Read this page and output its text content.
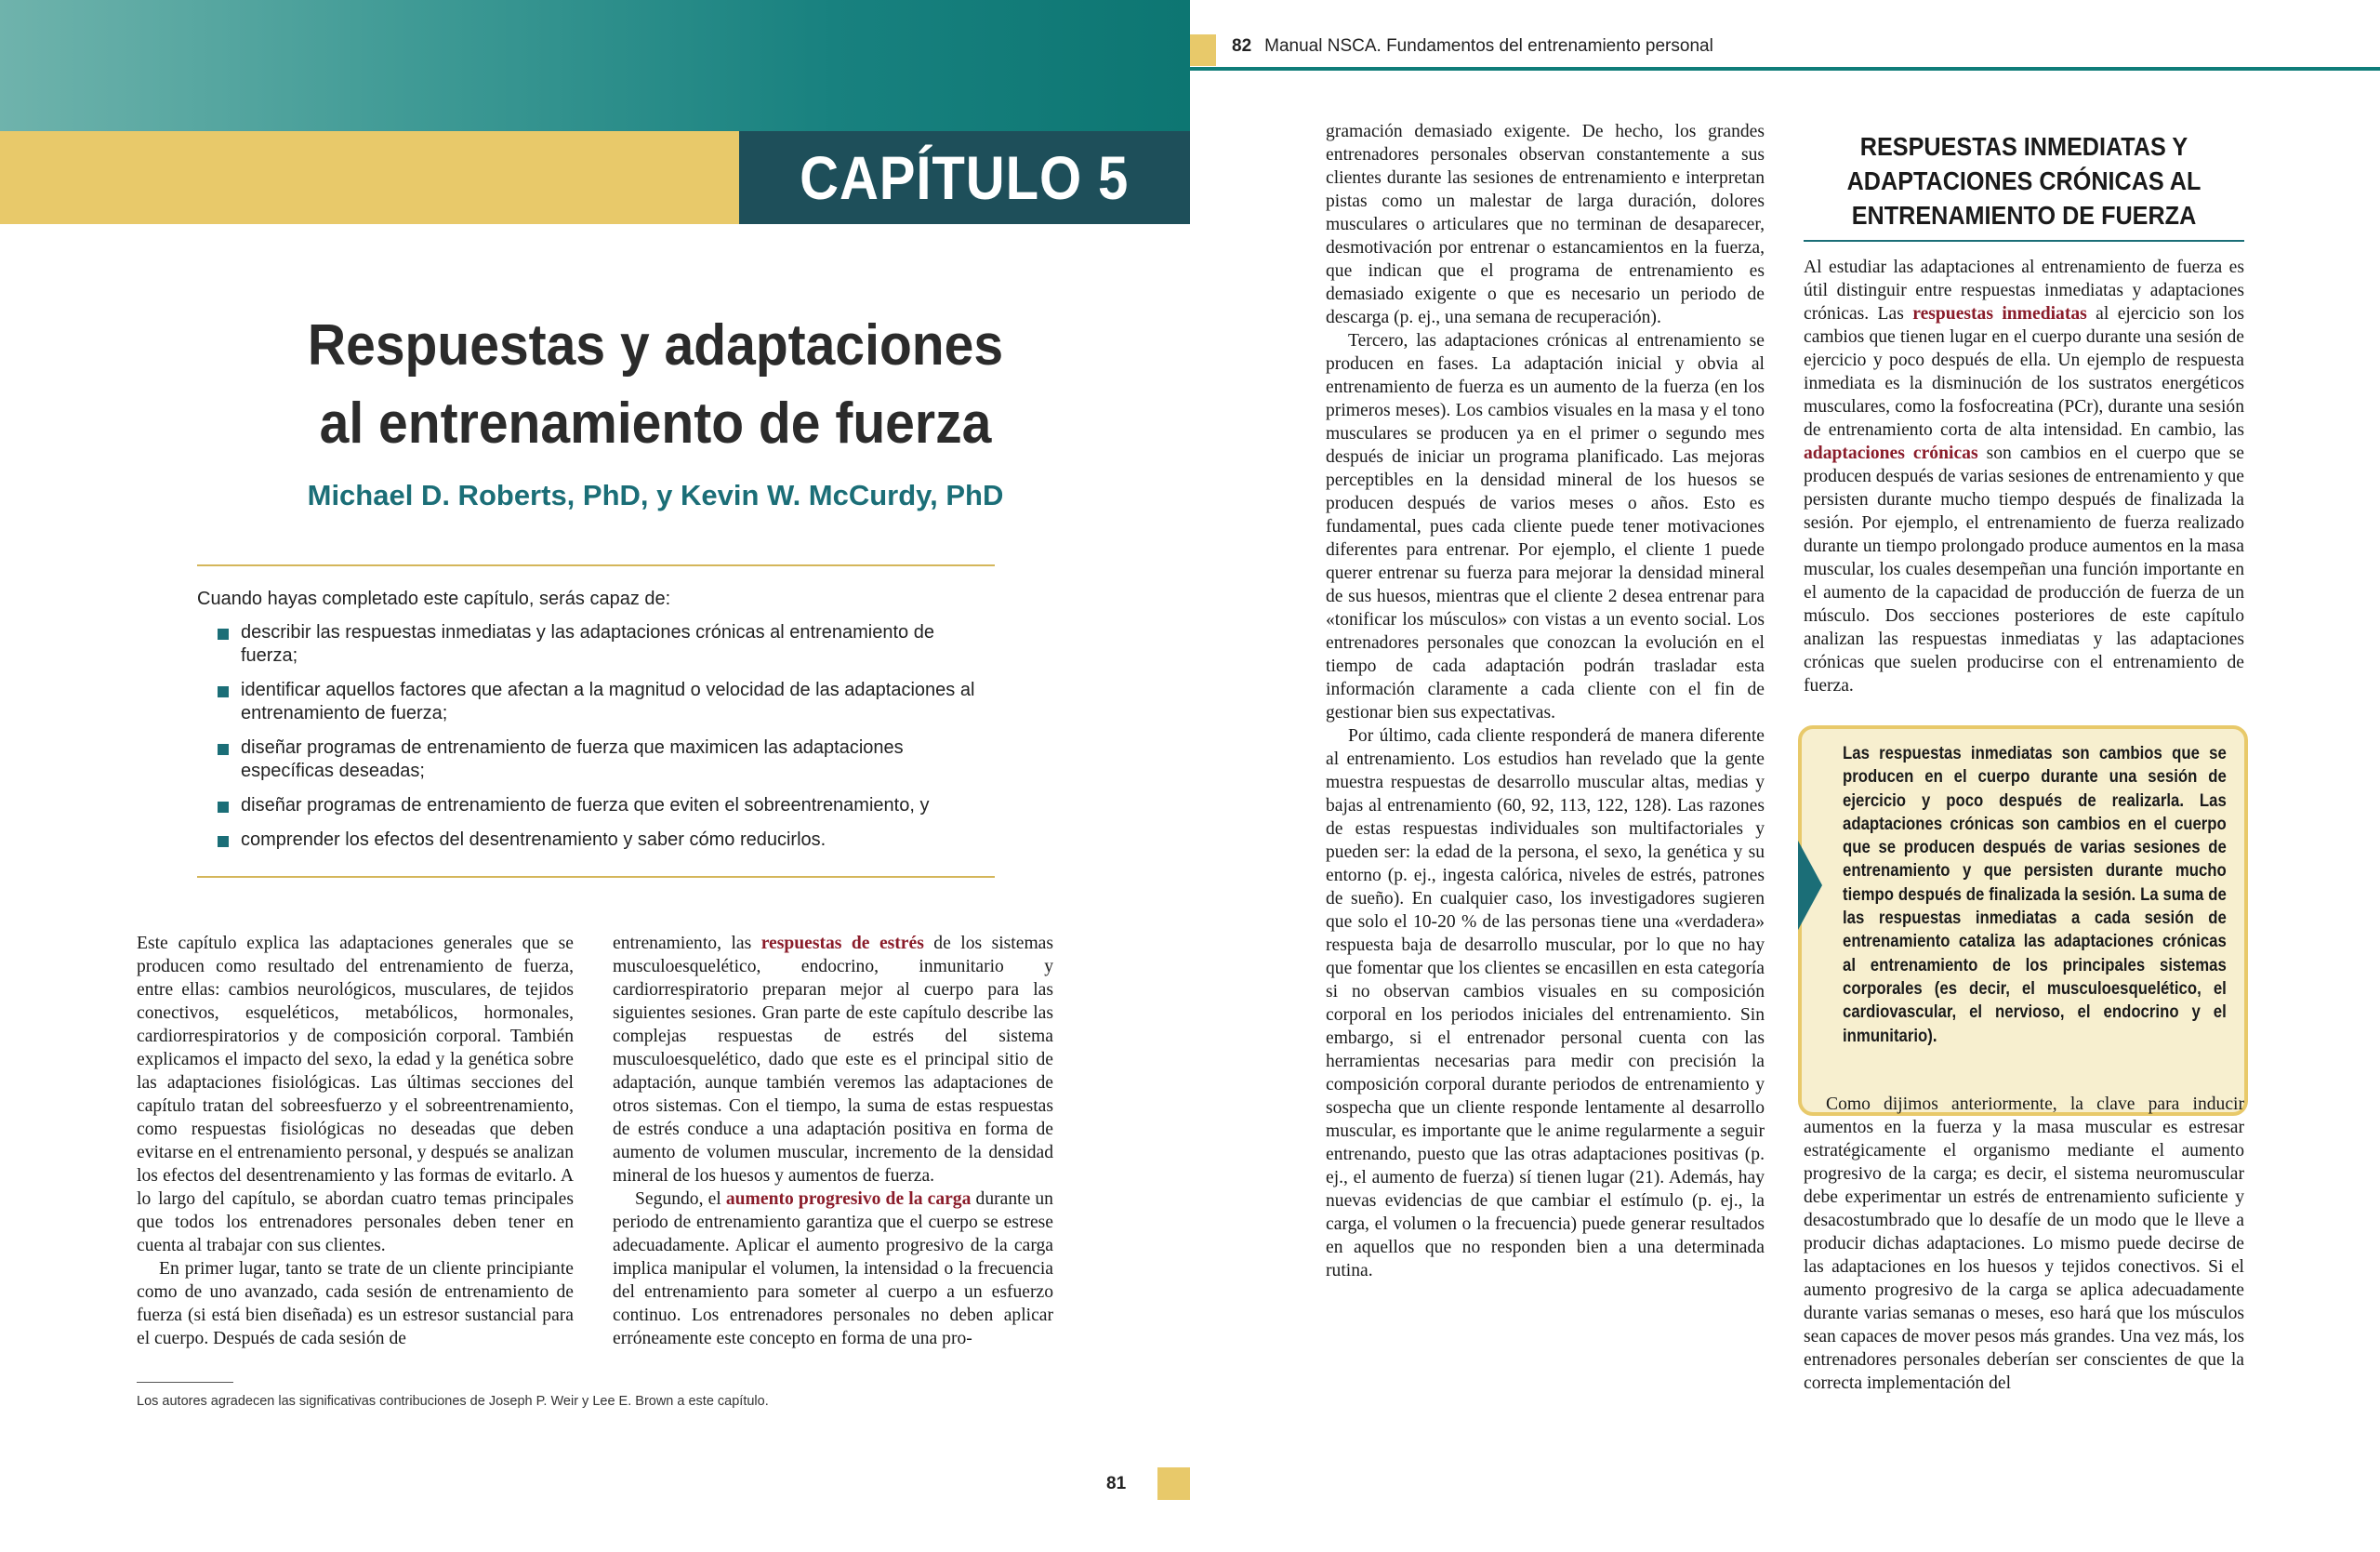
CAPÍTULO 5
Respuestas y adaptaciones
al entrenamiento de fuerza
Michael D. Roberts, PhD, y Kevin W. McCurdy, PhD
Cuando hayas completado este capítulo, serás capaz de:
describir las respuestas inmediatas y las adaptaciones crónicas al entrenamiento de fuerza;
identificar aquellos factores que afectan a la magnitud o velocidad de las adaptaciones al entrenamiento de fuerza;
diseñar programas de entrenamiento de fuerza que maximicen las adaptaciones específicas deseadas;
diseñar programas de entrenamiento de fuerza que eviten el sobreentrenamiento, y
comprender los efectos del desentrenamiento y saber cómo reducirlos.

Este capítulo explica las adaptaciones generales que se producen como resultado del entrenamiento de fuerza, entre ellas: cambios neurológicos, musculares, de tejidos conectivos, esqueléticos, metabólicos, hormonales, cardiorrespiratorios y de composición corporal. También explicamos el impacto del sexo, la edad y la genética sobre las adaptaciones fisiológicas. Las últimas secciones del capítulo tratan del sobreesfuerzo y el sobreentrenamiento, como respuestas fisiológicas no deseadas que deben evitarse en el entrenamiento personal, y después se analizan los efectos del desentrenamiento y las formas de evitarlo. A lo largo del capítulo, se abordan cuatro temas principales que todos los entrenadores personales deben tener en cuenta al trabajar con sus clientes.

En primer lugar, tanto se trate de un cliente principiante como de uno avanzado, cada sesión de entrenamiento de fuerza (si está bien diseñada) es un estresor sustancial para el cuerpo. Después de cada sesión de

entrenamiento, las respuestas de estrés de los sistemas musculoesquelético, endocrino, inmunitario y cardiorrespiratorio preparan mejor al cuerpo para las siguientes sesiones. Gran parte de este capítulo describe las complejas respuestas de estrés del sistema musculoesquelético, dado que este es el principal sitio de adaptación, aunque también veremos las adaptaciones de otros sistemas. Con el tiempo, la suma de estas respuestas de estrés conduce a una adaptación positiva en forma de aumento de volumen muscular, incremento de la densidad mineral de los huesos y aumentos de fuerza.

Segundo, el aumento progresivo de la carga durante un periodo de entrenamiento garantiza que el cuerpo se estrese adecuadamente. Aplicar el aumento progresivo de la carga implica manipular el volumen, la intensidad o la frecuencia del entrenamiento para someter al cuerpo a un esfuerzo continuo. Los entrenadores personales no deben aplicar erróneamente este concepto en forma de una pro-

Los autores agradecen las significativas contribuciones de Joseph P. Weir y Lee E. Brown a este capítulo.
81
82 Manual NSCA. Fundamentos del entrenamiento personal

gramación demasiado exigente. De hecho, los grandes entrenadores personales observan constantemente a sus clientes durante las sesiones de entrenamiento e interpretan pistas como un malestar de larga duración, dolores musculares o articulares que no terminan de desaparecer, desmotivación por entrenar o estancamientos en la fuerza, que indican que el programa de entrenamiento es demasiado exigente o que es necesario un periodo de descarga (p. ej., una semana de recuperación).

Tercero, las adaptaciones crónicas al entrenamiento se producen en fases. La adaptación inicial y obvia al entrenamiento de fuerza es un aumento de la fuerza (en los primeros meses). Los cambios visuales en la masa y el tono musculares se producen ya en el primer o segundo mes después de iniciar un programa planificado. Las mejoras perceptibles en la densidad mineral de los huesos se producen después de varios meses o años. Esto es fundamental, pues cada cliente puede tener motivaciones diferentes para entrenar. Por ejemplo, el cliente 1 puede querer entrenar su fuerza para mejorar la densidad mineral de sus huesos, mientras que el cliente 2 desea entrenar para «tonificar los músculos» con vistas a un evento social. Los entrenadores personales que conozcan la evolución en el tiempo de cada adaptación podrán trasladar esta información claramente a cada cliente con el fin de gestionar bien sus expectativas.

Por último, cada cliente responderá de manera diferente al entrenamiento. Los estudios han revelado que la gente muestra respuestas de desarrollo muscular altas, medias y bajas al entrenamiento (60, 92, 113, 122, 128). Las razones de estas respuestas individuales son multifactoriales y pueden ser: la edad de la persona, el sexo, la genética y su entorno (p. ej., ingesta calórica, niveles de estrés, patrones de sueño). En cualquier caso, los investigadores sugieren que solo el 10-20 % de las personas tiene una «verdadera» respuesta baja de desarrollo muscular, por lo que no hay que fomentar que los clientes se encasillen en esta categoría si no observan cambios visuales en su composición corporal en los periodos iniciales del entrenamiento. Sin embargo, si el entrenador personal cuenta con las herramientas necesarias para medir con precisión la composición corporal durante periodos de entrenamiento y sospecha que un cliente responde lentamente al desarrollo muscular, es importante que le anime regularmente a seguir entrenando, puesto que las otras adaptaciones positivas (p. ej., el aumento de fuerza) sí tienen lugar (21). Además, hay nuevas evidencias de que cambiar el estímulo (p. ej., la carga, el volumen o la frecuencia) puede generar resultados en aquellos que no responden bien a una determinada rutina.

RESPUESTAS INMEDIATAS Y
ADAPTACIONES CRÓNICAS AL
ENTRENAMIENTO DE FUERZA

Al estudiar las adaptaciones al entrenamiento de fuerza es útil distinguir entre respuestas inmediatas y adaptaciones crónicas. Las respuestas inmediatas al ejercicio son los cambios que tienen lugar en el cuerpo durante una sesión de ejercicio y poco después de ella. Un ejemplo de respuesta inmediata es la disminución de los sustratos energéticos musculares, como la fosfocreatina (PCr), durante una sesión de entrenamiento corta de alta intensidad. En cambio, las adaptaciones crónicas son cambios en el cuerpo que se producen después de varias sesiones de entrenamiento y que persisten durante mucho tiempo después de finalizada la sesión. Por ejemplo, el entrenamiento de fuerza realizado durante un tiempo prolongado produce aumentos en la masa muscular, los cuales desempeñan una función importante en el aumento de la capacidad de producción de fuerza de un músculo. Dos secciones posteriores de este capítulo analizan las respuestas inmediatas y las adaptaciones crónicas que suelen producirse con el entrenamiento de fuerza.

Las respuestas inmediatas son cambios que se producen en el cuerpo durante una sesión de ejercicio y poco después de realizarla. Las adaptaciones crónicas son cambios en el cuerpo que se producen después de varias sesiones de entrenamiento y que persisten durante mucho tiempo después de finalizada la sesión. La suma de las respuestas inmediatas a cada sesión de entrenamiento cataliza las adaptaciones crónicas al entrenamiento de los principales sistemas corporales (es decir, el musculoesquelético, el cardiovascular, el nervioso, el endocrino y el inmunitario).

Como dijimos anteriormente, la clave para inducir aumentos en la fuerza y la masa muscular es estresar estratégicamente el organismo mediante el aumento progresivo de la carga; es decir, el sistema neuromuscular debe experimentar un estrés de entrenamiento suficiente y desacostumbrado que lo desafíe de un modo que le lleve a producir dichas adaptaciones. Lo mismo puede decirse de las adaptaciones en los huesos y tejidos conectivos. Si el aumento progresivo de la carga se aplica adecuadamente durante varias semanas o meses, eso hará que los músculos sean capaces de mover pesos más grandes. Una vez más, los entrenadores personales deberían ser conscientes de que la correcta implementación del
